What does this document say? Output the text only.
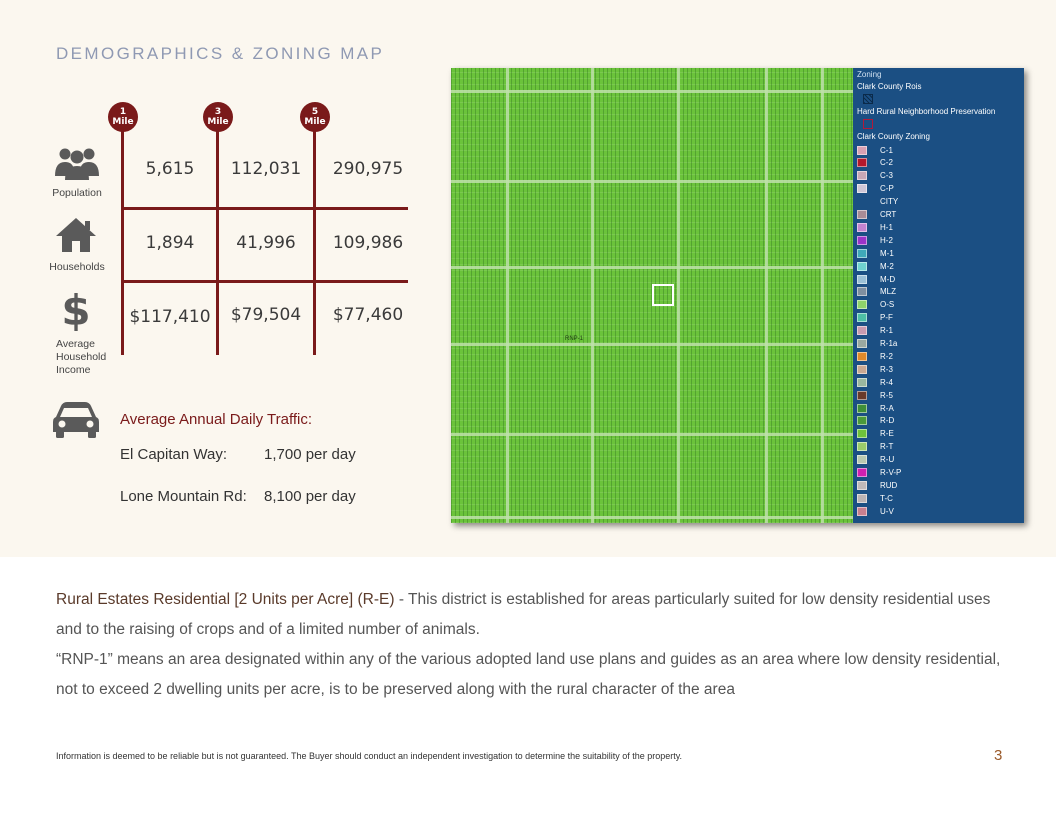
DEMOGRAPHICS & ZONING MAP
1
Mile
3
Mile
5
Mile
Population
Households
$
Average Household Income
5,615	112,031	290,975
1,894	41,996	109,986
$117,410	$79,504	$77,460
Average Annual Daily Traffic:
El Capitan Way: 1,700 per day
Lone Mountain Rd: 8,100 per day
RNP-1
Zoning
Clark County Rois
Hard Rural Neighborhood Preservation
Clark County Zoning
C-1
C-2
C-3
C-P
CITY
CRT
H-1
H-2
M-1
M-2
M-D
MLZ
O-S
P-F
R-1
R-1a
R-2
R-3
R-4
R-5
R-A
R-D
R-E
R-T
R-U
R-V-P
RUD
T-C
U-V

Rural Estates Residential [2 Units per Acre] (R-E) - This district is established for areas particularly suited for low density residential uses and to the raising of crops and of a limited number of animals.

“RNP-1” means an area designated within any of the various adopted land use plans and guides as an area where low density residential, not to exceed 2 dwelling units per acre, is to be preserved along with the rural character of the area

Information is deemed to be reliable but is not guaranteed. The Buyer should conduct an independent investigation to determine the suitability of the property.	3
